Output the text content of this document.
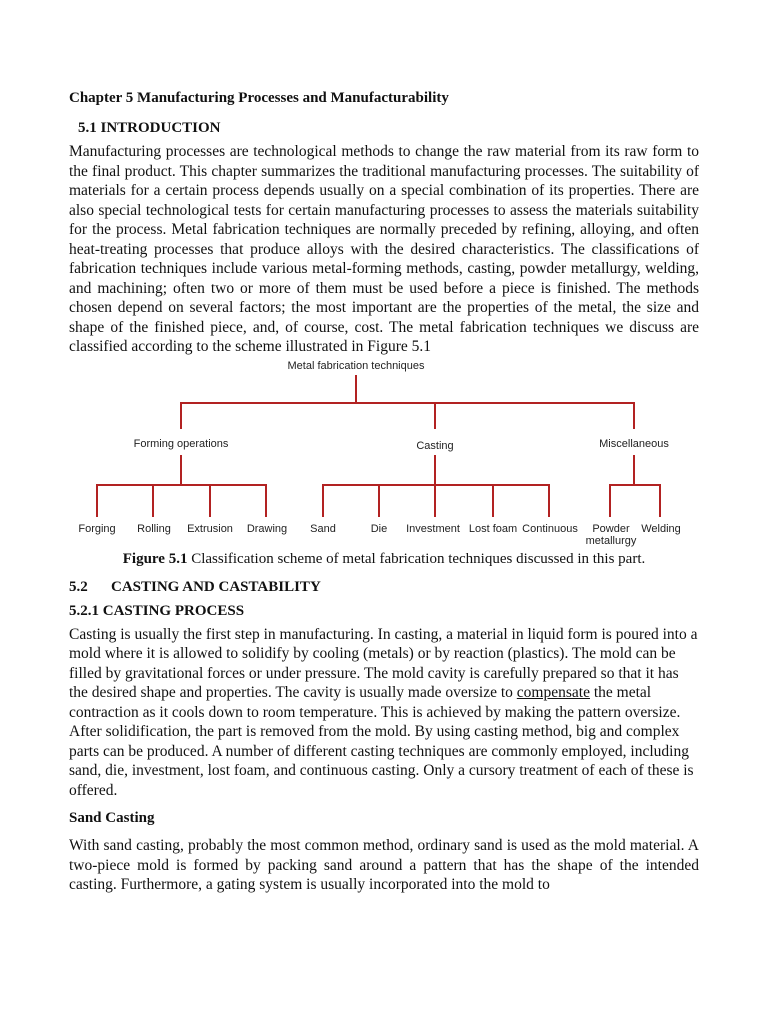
Chapter 5 Manufacturing Processes and Manufacturability
5.1 INTRODUCTION

Manufacturing processes are technological methods to change the raw material from its raw form to the final product. This chapter summarizes the traditional manufacturing processes. The suitability of materials for a certain process depends usually on a special combination of its properties. There are also special technological tests for certain manufacturing processes to assess the materials suitability for the process. Metal fabrication techniques are normally preceded by refining, alloying, and often heat-treating processes that produce alloys with the desired characteristics. The classifications of fabrication techniques include various metal-forming methods, casting, powder metallurgy, welding, and machining; often two or more of them must be used before a piece is finished. The methods chosen depend on several factors; the most important are the properties of the metal, the size and shape of the finished piece, and, of course, cost. The metal fabrication techniques we discuss are classified according to the scheme illustrated in Figure 5.1

Metal fabrication techniques
Forming operations	Casting	Miscellaneous
Forging Rolling Extrusion Drawing Sand	Die Investment Lost foam Continuous	Powder metallurgy
Welding
Figure 5.1 Classification scheme of metal fabrication techniques discussed in this part.
5.2	CASTING AND CASTABILITY
5.2.1 CASTING PROCESS

Casting is usually the first step in manufacturing. In casting, a material in liquid form is poured into a mold where it is allowed to solidify by cooling (metals) or by reaction (plastics). The mold can be filled by gravitational forces or under pressure. The mold cavity is carefully prepared so that it has the desired shape and properties. The cavity is usually made oversize to compensate the metal contraction as it cools down to room temperature. This is achieved by making the pattern oversize. After solidification, the part is removed from the mold. By using casting method, big and complex parts can be produced. A number of different casting techniques are commonly employed, including sand, die, investment, lost foam, and continuous casting. Only a cursory treatment of each of these is offered.

Sand Casting

With sand casting, probably the most common method, ordinary sand is used as the mold material. A two-piece mold is formed by packing sand around a pattern that has the shape of the intended casting. Furthermore, a gating system is usually incorporated into the mold to
